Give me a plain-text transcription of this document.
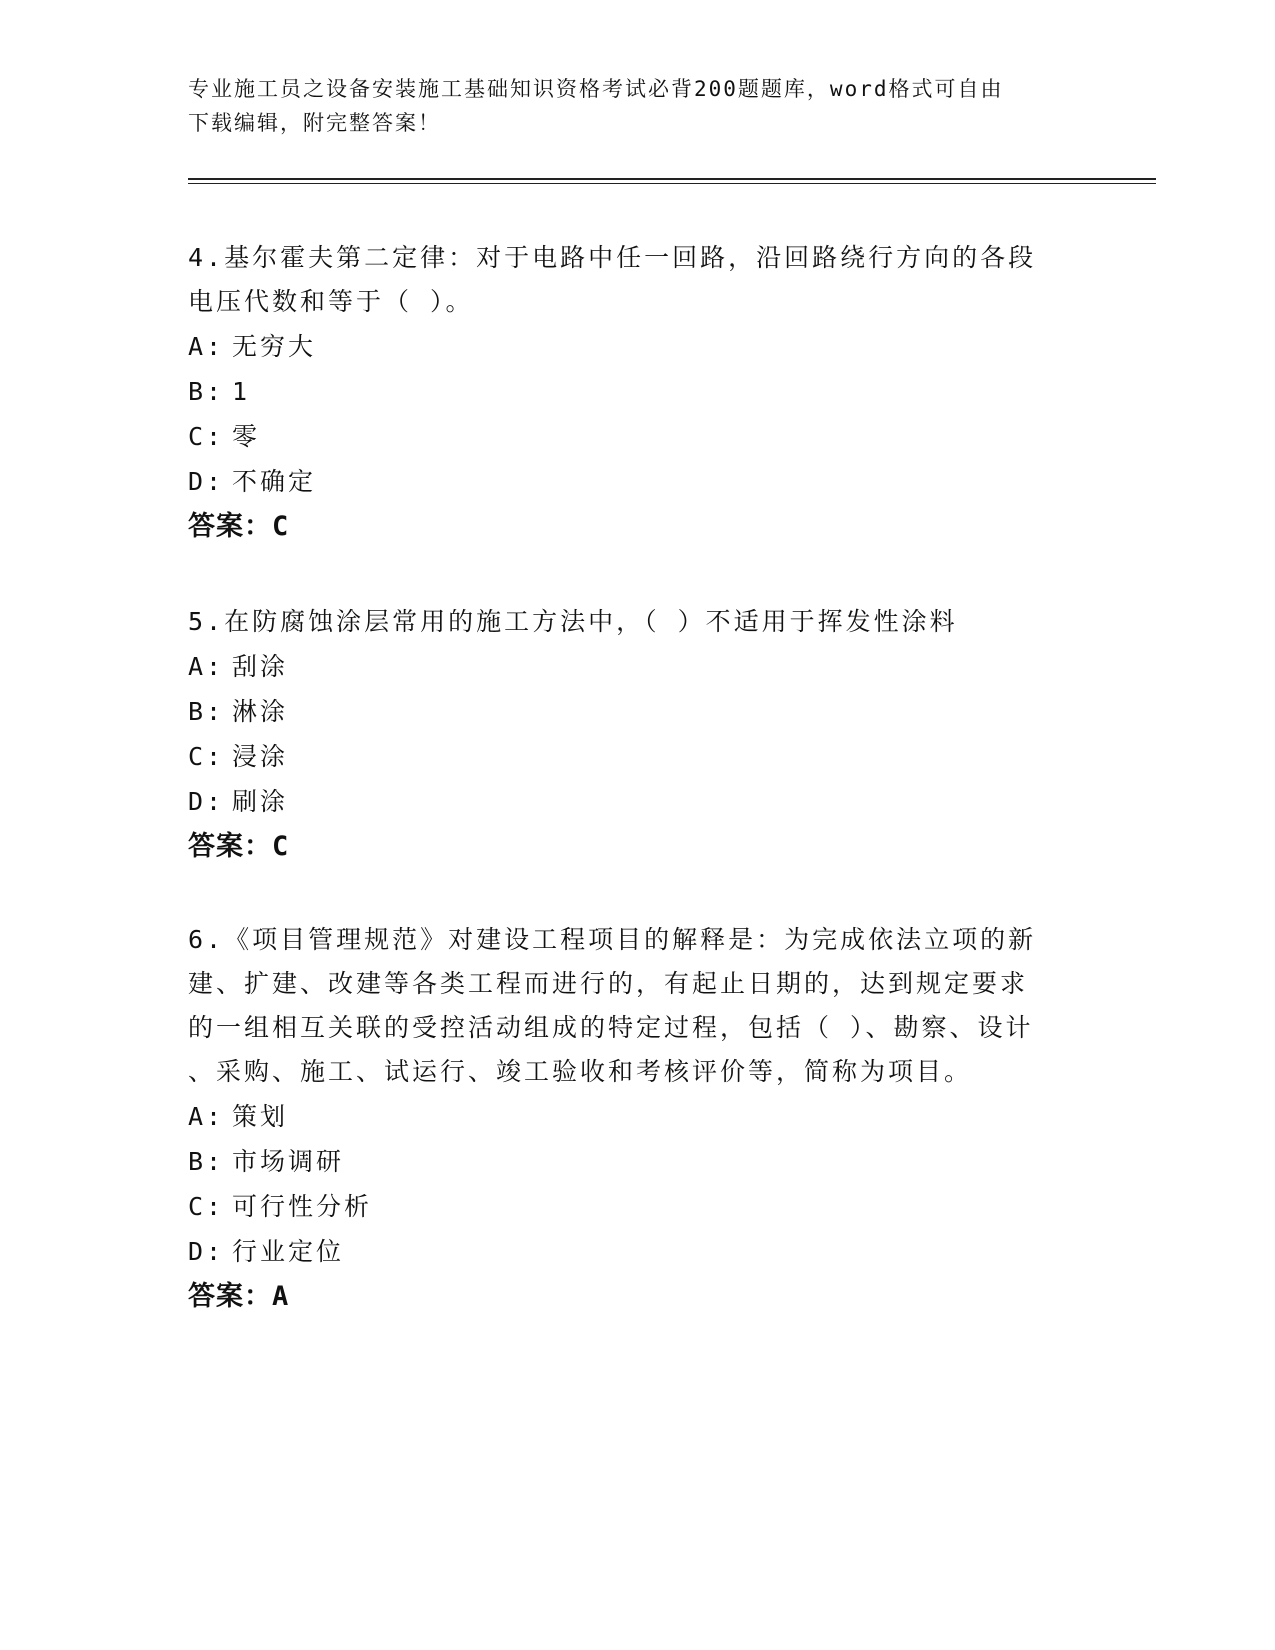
专业施工员之设备安装施工基础知识资格考试必背200题题库，word格式可自由
下载编辑，附完整答案！

4.基尔霍夫第二定律：对于电路中任一回路，沿回路绕行方向的各段

电压代数和等于（ ）。

A: 无穷大

B: 1

C: 零

D: 不确定

答案：C

5.在防腐蚀涂层常用的施工方法中，（ ）不适用于挥发性涂料

A: 刮涂

B: 淋涂

C: 浸涂

D: 刷涂

答案：C

6.《项目管理规范》对建设工程项目的解释是：为完成依法立项的新

建、扩建、改建等各类工程而进行的，有起止日期的，达到规定要求

的一组相互关联的受控活动组成的特定过程，包括（ ）、勘察、设计

、采购、施工、试运行、竣工验收和考核评价等，简称为项目。

A: 策划

B: 市场调研

C: 可行性分析

D: 行业定位

答案：A
